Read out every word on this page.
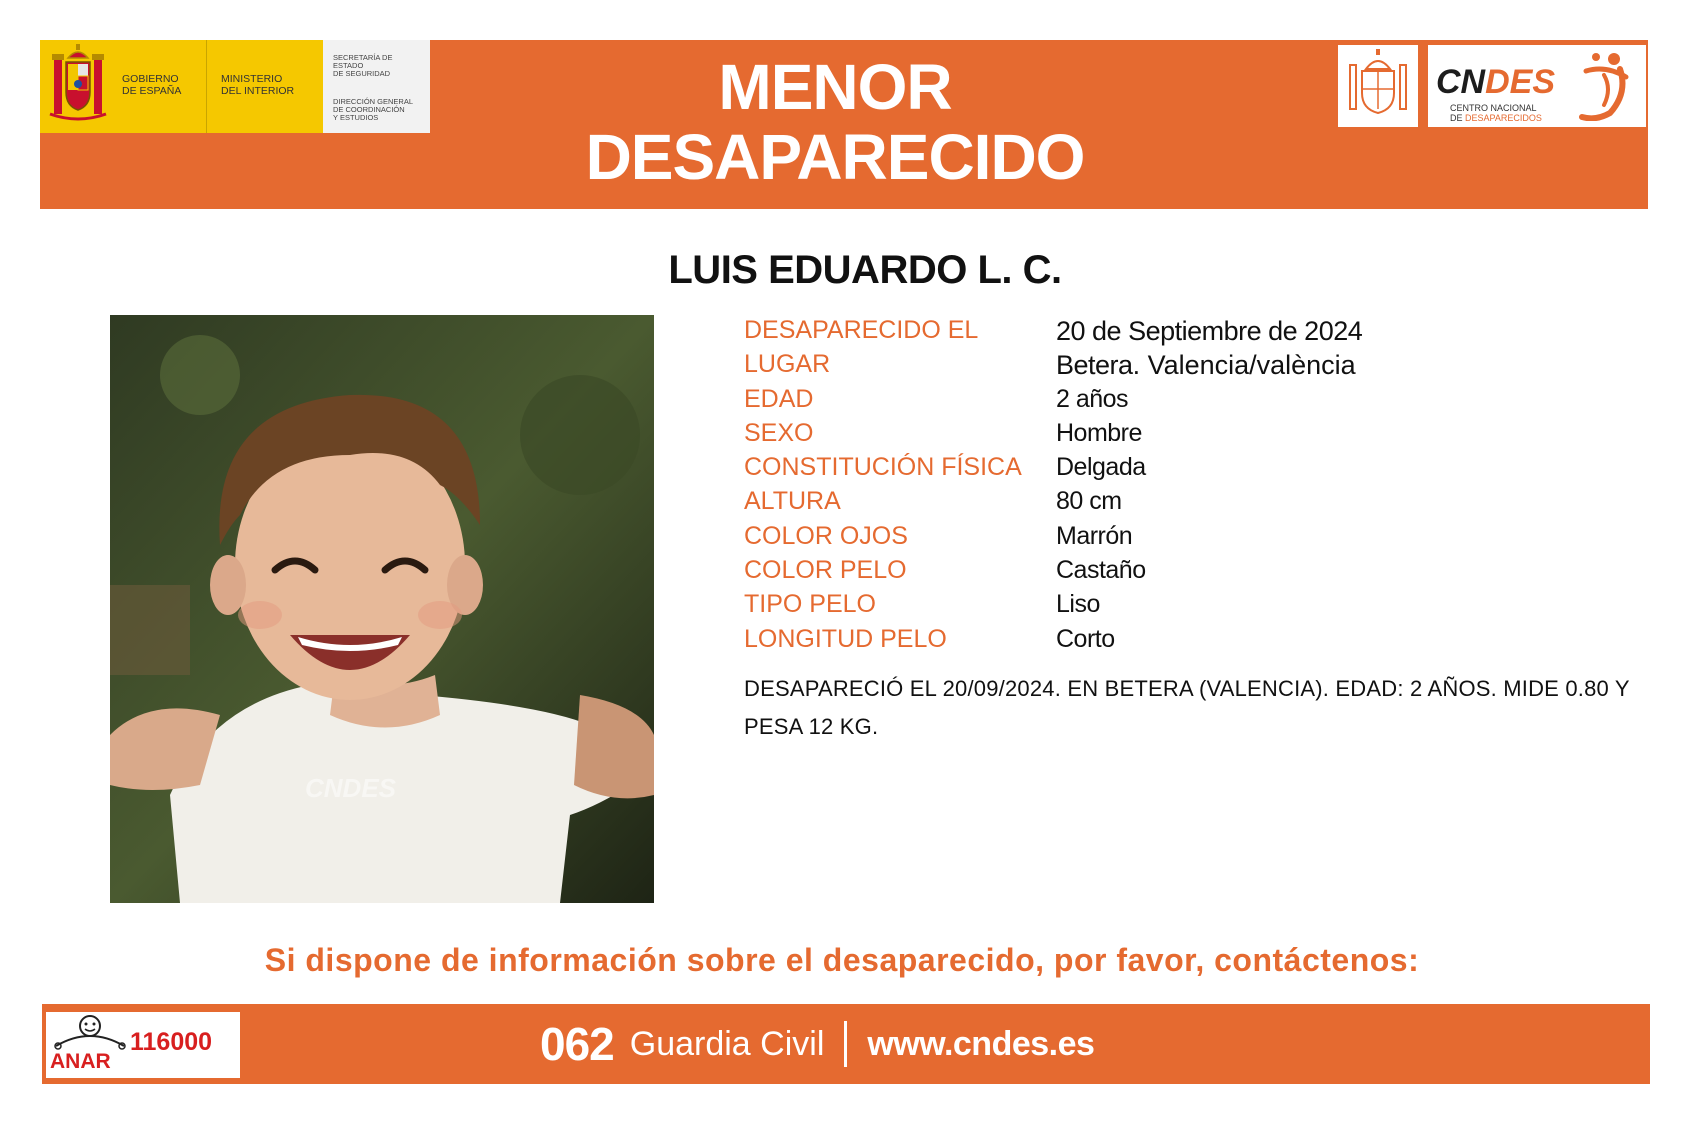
GOBIERNO
DE ESPAÑA
MINISTERIO
DEL INTERIOR
SECRETARÍA DE ESTADO
DE SEGURIDAD
DIRECCIÓN GENERAL
DE COORDINACIÓN
Y ESTUDIOS	MENOR
DESAPARECIDO
CNDES
CENTRO NACIONAL
DE DESAPARECIDOS
LUIS EDUARDO L. C.
CNDES
DESAPARECIDO EL	20 de Septiembre de 2024
LUGAR	Betera. Valencia/valència
EDAD	2 años
SEXO	Hombre
CONSTITUCIÓN FÍSICA Delgada
ALTURA	80 cm
COLOR OJOS	Marrón
COLOR PELO	Castaño
TIPO PELO	Liso
LONGITUD PELO	Corto
DESAPARECIÓ EL 20/09/2024. EN BETERA (VALENCIA). EDAD: 2 AÑOS. MIDE 0.80 Y PESA 12 KG.
Si dispone de información sobre el desaparecido, por favor, contáctenos:
116000
ANAR	062 Guardia Civil www.cndes.es
